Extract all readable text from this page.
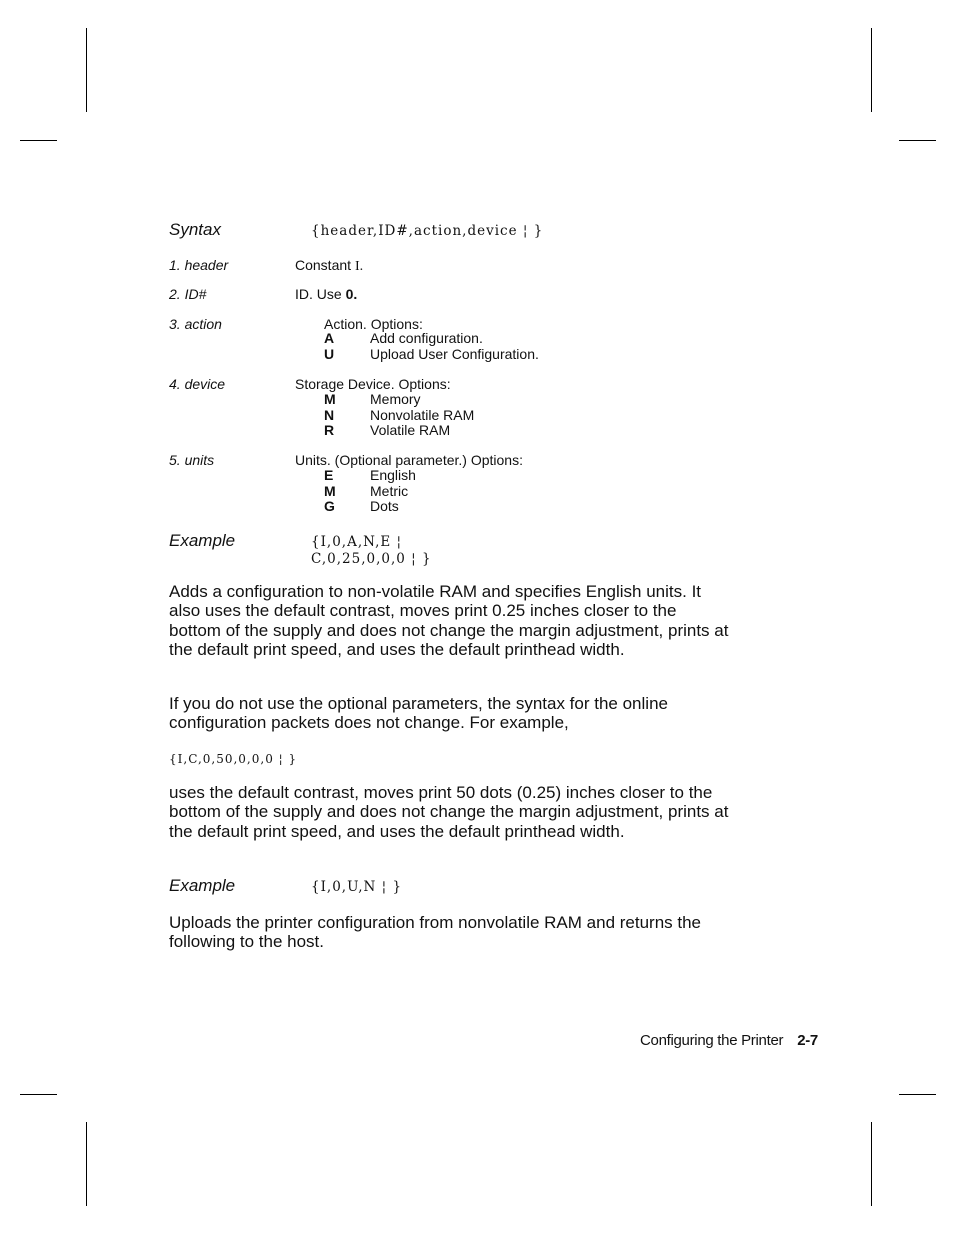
Syntax	{header,ID#,action,device ¦ }
1. header	Constant I.
2. ID#	ID. Use 0.
3. action	Action. Options:
A	Add configuration.
U	Upload User Configuration.
4. device	Storage Device. Options:
M Memory
N	Nonvolatile RAM
R	Volatile RAM
5. units	Units. (Optional parameter.) Options:
E	English
M Metric
G	Dots
Example	{I,0,A,N,E ¦
C,0,25,0,0,0 ¦ }
Adds a configuration to non-volatile RAM and specifies English units. It also uses the default contrast, moves print 0.25 inches closer to the bottom of the supply and does not change the margin adjustment, prints at the default print speed, and uses the default printhead width.
If you do not use the optional parameters, the syntax for the online configuration packets does not change. For example,
{I,C,0,50,0,0,0 ¦ }
uses the default contrast, moves print 50 dots (0.25) inches closer to the bottom of the supply and does not change the margin adjustment, prints at the default print speed, and uses the default printhead width.
Example	{I,0,U,N ¦ }
Uploads the printer configuration from nonvolatile RAM and returns the following to the host.
Configuring the Printer 2-7
